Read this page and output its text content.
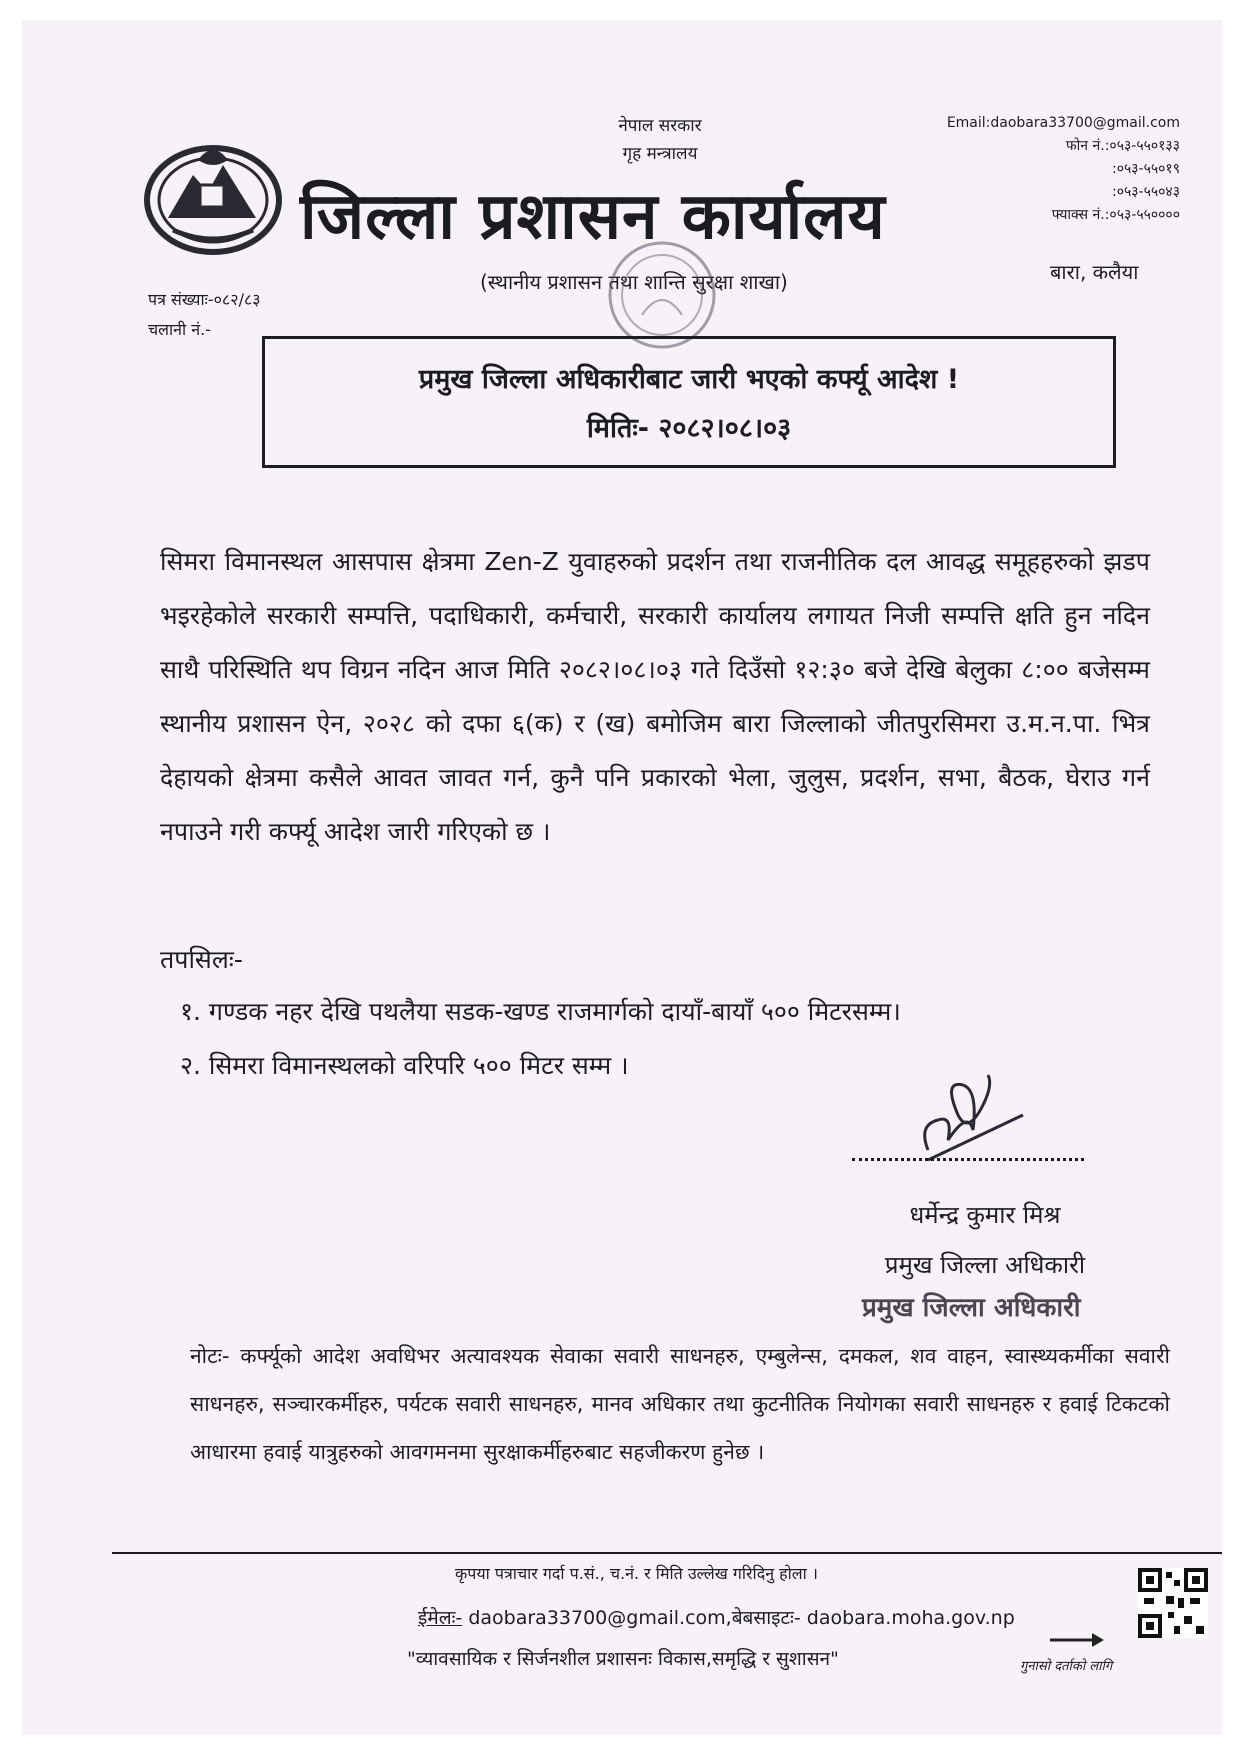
नेपाल सरकार
गृह मन्त्रालय
जिल्ला प्रशासन कार्यालय
(स्थानीय प्रशासन तथा शान्ति सुरक्षा शाखा)
Email:daobara33700@gmail.com
फोन नं.:०५३-५५०१३३
:०५३-५५०१९
:०५३-५५०४३
फ्याक्स नं.:०५३-५५००००
बारा, कलैया
पत्र संख्याः-०८२/८३
चलानी नं.-
प्रमुख जिल्ला अधिकारीबाट जारी भएको कर्फ्यू आदेश !
मितिः- २०८२।०८।०३
सिमरा विमानस्थल आसपास क्षेत्रमा Zen-Z युवाहरुको प्रदर्शन तथा राजनीतिक दल आवद्ध समूहहरुको झडप भइरहेकोले सरकारी सम्पत्ति, पदाधिकारी, कर्मचारी, सरकारी कार्यालय लगायत निजी सम्पत्ति क्षति हुन नदिन साथै परिस्थिति थप विग्रन नदिन आज मिति २०८२।०८।०३ गते दिउँसो १२:३० बजे देखि बेलुका ८:०० बजेसम्म स्थानीय प्रशासन ऐन, २०२८ को दफा ६(क) र (ख) बमोजिम बारा जिल्लाको जीतपुरसिमरा उ.म.न.पा. भित्र देहायको क्षेत्रमा कसैले आवत जावत गर्न, कुनै पनि प्रकारको भेला, जुलुस, प्रदर्शन, सभा, बैठक, घेराउ गर्न नपाउने गरी कर्फ्यू आदेश जारी गरिएको छ ।
तपसिलः-
१. गण्डक नहर देखि पथलैया सडक-खण्ड राजमार्गको दायाँ-बायाँ ५०० मिटरसम्म।
२. सिमरा विमानस्थलको वरिपरि ५०० मिटर सम्म ।
धर्मेन्द्र कुमार मिश्र
प्रमुख जिल्ला अधिकारी
प्रमुख जिल्ला अधिकारी
नोटः- कर्फ्यूको आदेश अवधिभर अत्यावश्यक सेवाका सवारी साधनहरु, एम्बुलेन्स, दमकल, शव वाहन, स्वास्थ्यकर्मीका सवारी साधनहरु, सञ्चारकर्मीहरु, पर्यटक सवारी साधनहरु, मानव अधिकार तथा कुटनीतिक नियोगका सवारी साधनहरु र हवाई टिकटको आधारमा हवाई यात्रुहरुको आवगमनमा सुरक्षाकर्मीहरुबाट सहजीकरण हुनेछ ।
कृपया पत्राचार गर्दा प.सं., च.नं. र मिति उल्लेख गरिदिनु होला ।
ईमेलः- daobara33700@gmail.com,बेबसाइटः- daobara.moha.gov.np
"व्यावसायिक र सिर्जनशील प्रशासनः विकास,समृद्धि र सुशासन"	गुनासो दर्ताको लागि
